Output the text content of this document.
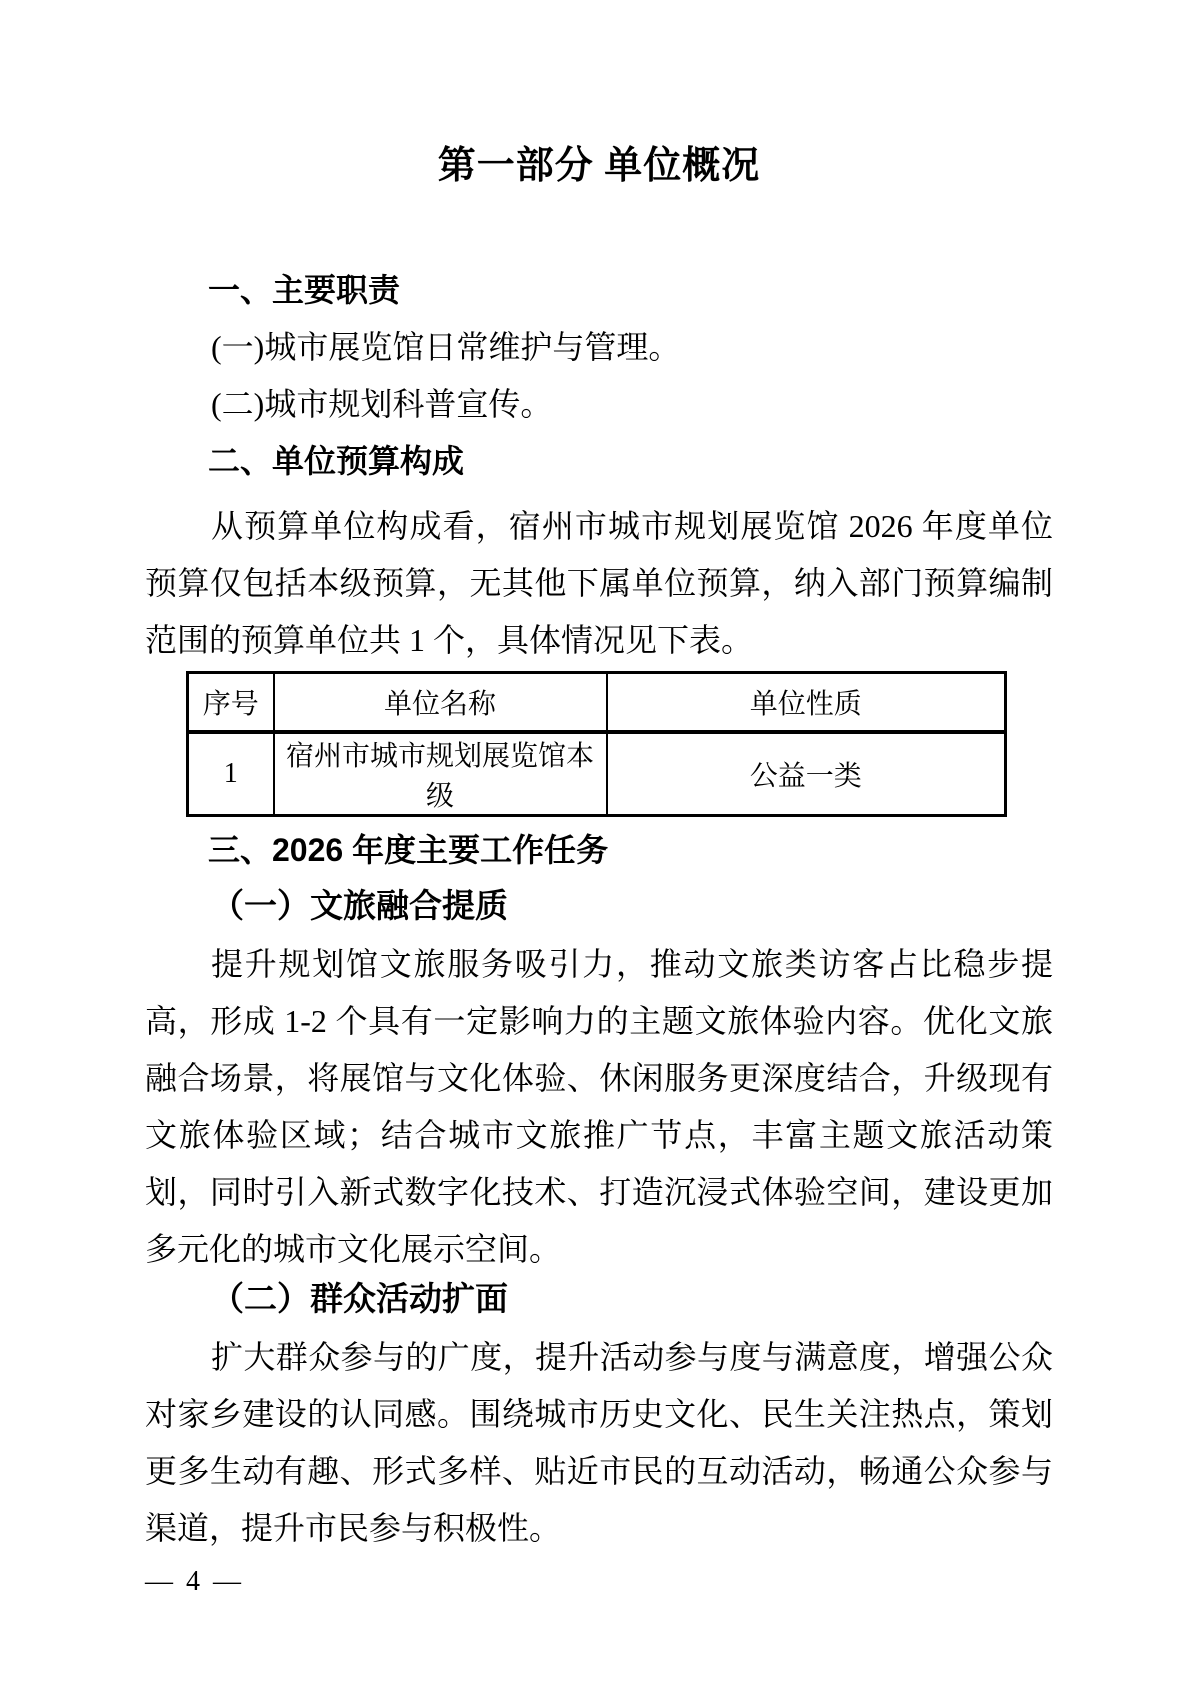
第一部分 单位概况
一、主要职责

(一)城市展览馆日常维护与管理。

(二)城市规划科普宣传。

二、单位预算构成

从预算单位构成看，宿州市城市规划展览馆 2026 年度单位预算仅包括本级预算，无其他下属单位预算，纳入部门预算编制范围的预算单位共 1 个，具体情况见下表。

序号	单位名称	单位性质
1	宿州市城市规划展览馆本级	公益一类
三、2026 年度主要工作任务
（一）文旅融合提质

提升规划馆文旅服务吸引力，推动文旅类访客占比稳步提高，形成 1-2 个具有一定影响力的主题文旅体验内容。优化文旅融合场景，将展馆与文化体验、休闲服务更深度结合，升级现有文旅体验区域；结合城市文旅推广节点，丰富主题文旅活动策划，同时引入新式数字化技术、打造沉浸式体验空间，建设更加多元化的城市文化展示空间。

（二）群众活动扩面

扩大群众参与的广度，提升活动参与度与满意度，增强公众对家乡建设的认同感。围绕城市历史文化、民生关注热点，策划更多生动有趣、形式多样、贴近市民的互动活动，畅通公众参与渠道，提升市民参与积极性。

— 4 —
